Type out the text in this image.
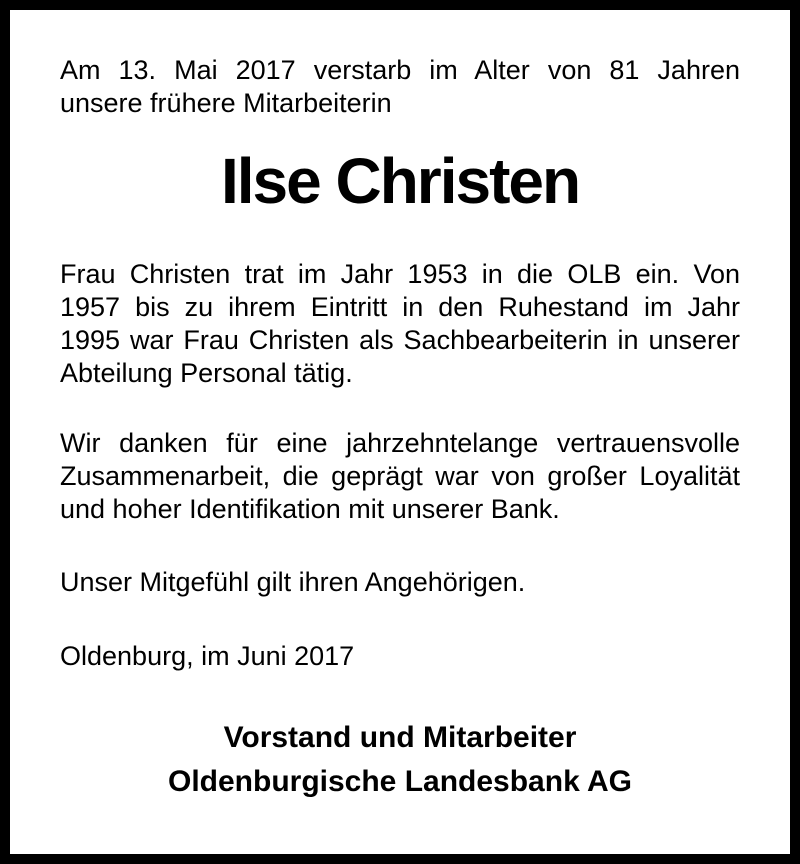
Am 13. Mai 2017 verstarb im Alter von 81 Jahren
unsere frühere Mitarbeiterin
Ilse Christen
Frau Christen trat im Jahr 1953 in die OLB ein. Von
1957 bis zu ihrem Eintritt in den Ruhestand im Jahr
1995 war Frau Christen als Sachbearbeiterin in unserer
Abteilung Personal tätig.
Wir danken für eine jahrzehntelange vertrauensvolle
Zusammenarbeit, die geprägt war von großer Loyalität
und hoher Identifikation mit unserer Bank.
Unser Mitgefühl gilt ihren Angehörigen.
Oldenburg, im Juni 2017
Vorstand und Mitarbeiter
Oldenburgische Landesbank AG
